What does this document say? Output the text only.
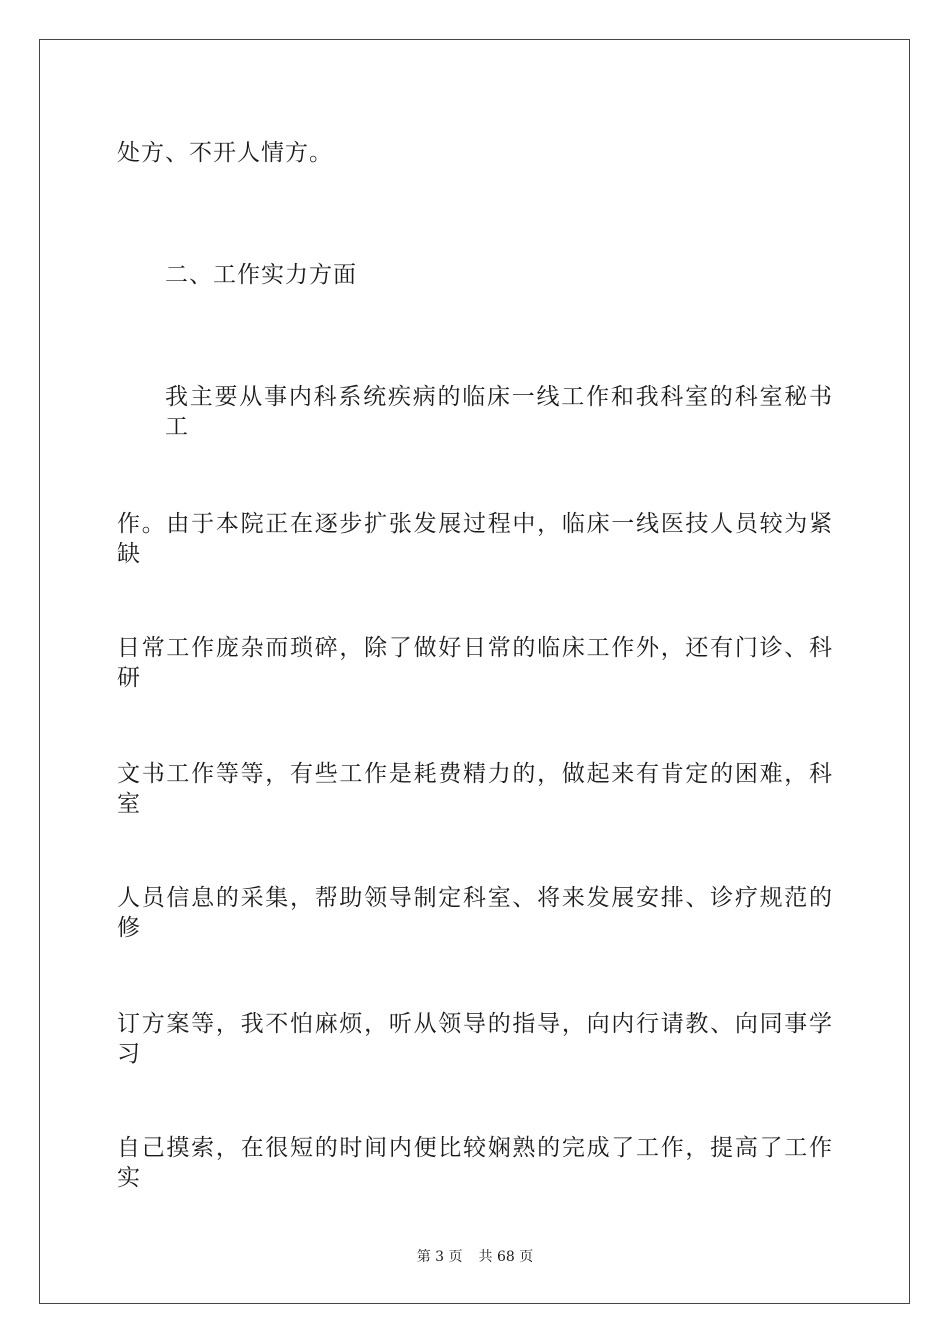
处方、不开人情方。
二、工作实力方面
我主要从事内科系统疾病的临床一线工作和我科室的科室秘书工
作。由于本院正在逐步扩张发展过程中，临床一线医技人员较为紧缺
日常工作庞杂而琐碎，除了做好日常的临床工作外，还有门诊、科研
文书工作等等，有些工作是耗费精力的，做起来有肯定的困难，科室
人员信息的采集，帮助领导制定科室、将来发展安排、诊疗规范的修
订方案等，我不怕麻烦，听从领导的指导，向内行请教、向同事学习
自己摸索，在很短的时间内便比较娴熟的完成了工作，提高了工作实
第 3 页 共 68 页
